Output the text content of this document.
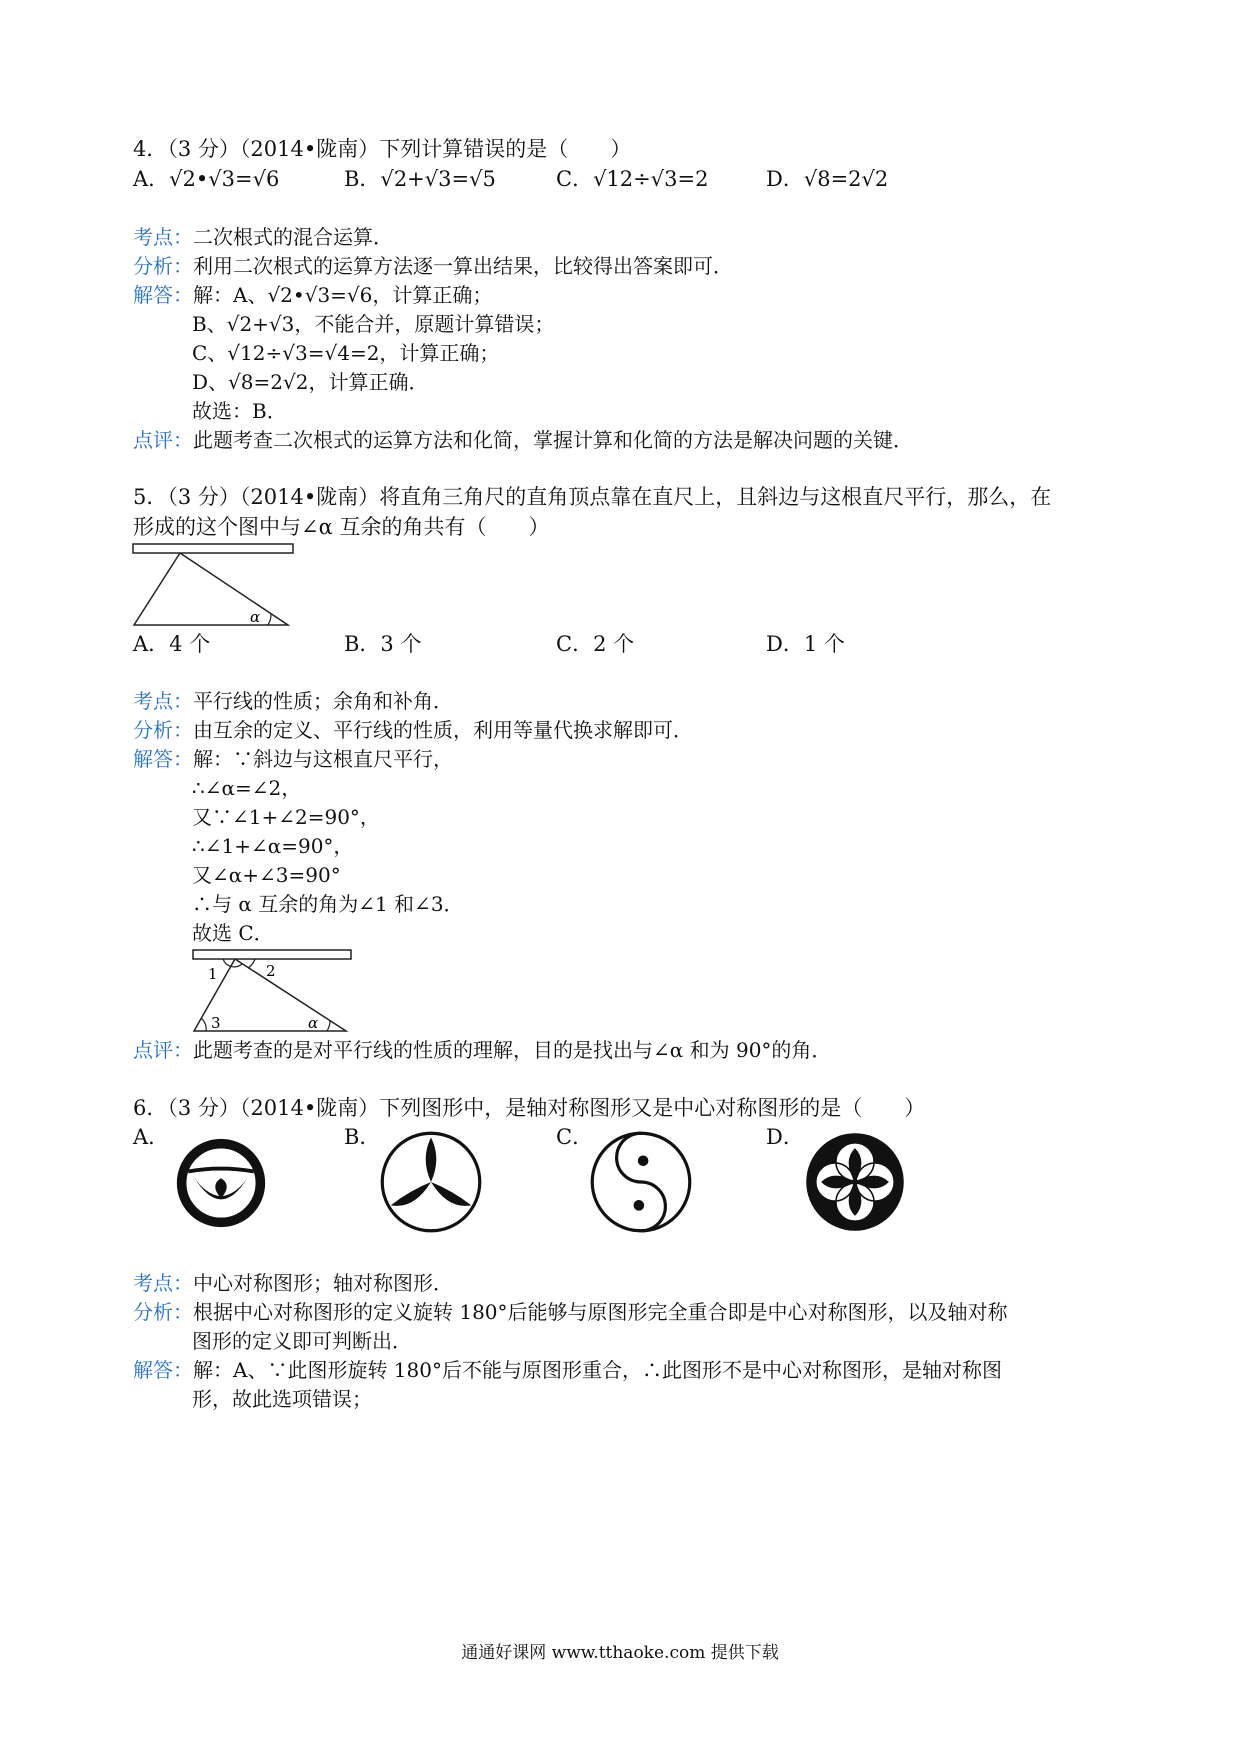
4．（3 分）（2014•陇南）下列计算错误的是（　　）
A．√2•√3=√6	B．√2+√3=√5	C．√12÷√3=2	D．√8=2√2
考点：二次根式的混合运算．
分析：利用二次根式的运算方法逐一算出结果，比较得出答案即可．
解答：解：A、√2•√3=√6，计算正确；
B、√2+√3，不能合并，原题计算错误；
C、√12÷√3=√4=2，计算正确；
D、√8=2√2，计算正确．
故选：B．
点评：此题考查二次根式的运算方法和化简，掌握计算和化简的方法是解决问题的关键．
5．（3 分）（2014•陇南）将直角三角尺的直角顶点靠在直尺上，且斜边与这根直尺平行，那么，在
形成的这个图中与∠α 互余的角共有（　　）
α
A．4 个	B．3 个	C．2 个	D．1 个
考点：平行线的性质；余角和补角．
分析：由互余的定义、平行线的性质，利用等量代换求解即可．
解答：解：∵斜边与这根直尺平行，
∴∠α=∠2，
又∵∠1+∠2=90°，
∴∠1+∠α=90°，
又∠α+∠3=90°
∴与 α 互余的角为∠1 和∠3．
故选 C．
1	2
3	α
点评：此题考查的是对平行线的性质的理解，目的是找出与∠α 和为 90°的角．
6．（3 分）（2014•陇南）下列图形中，是轴对称图形又是中心对称图形的是（　　）
A．	B．	C．	D．
考点：中心对称图形；轴对称图形．
分析：根据中心对称图形的定义旋转 180°后能够与原图形完全重合即是中心对称图形，以及轴对称
图形的定义即可判断出．
解答：解：A、∵此图形旋转 180°后不能与原图形重合，∴此图形不是中心对称图形，是轴对称图
形，故此选项错误；
通通好课网 www.tthaoke.com 提供下载
